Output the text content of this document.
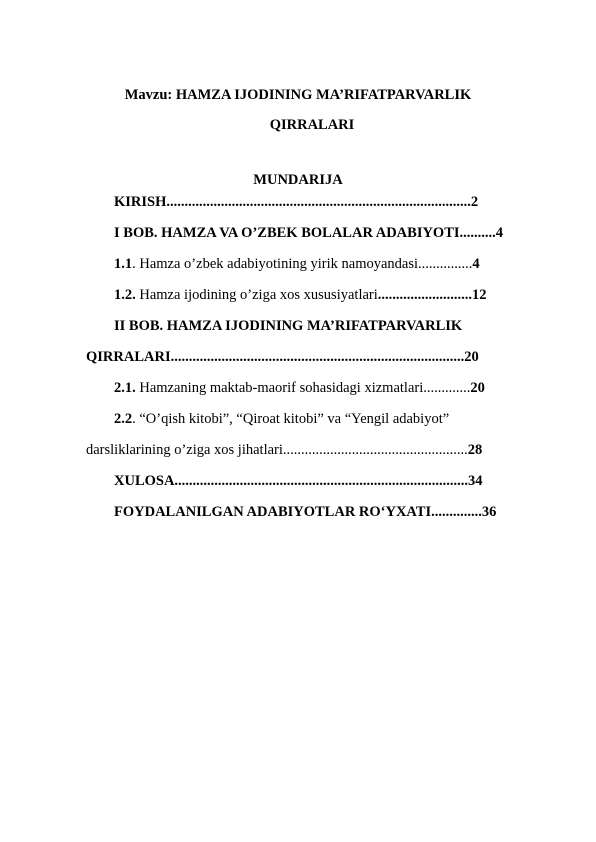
Mavzu: HAMZA IJODINING MA’RIFATPARVARLIK
QIRRALARI
MUNDARIJA
KIRISH....................................................................................2
I BOB. HAMZA VA O’ZBEK BOLALAR ADABIYOTI..........4
1.1. Hamza o’zbek adabiyotining yirik namoyandasi...............4
1.2. Hamza ijodining o’ziga xos xususiyatlari..........................12
II BOB. HAMZA IJODINING MA’RIFATPARVARLIK
QIRRALARI.................................................................................20
2.1. Hamzaning maktab-maorif sohasidagi xizmatlari.............20
2.2. “O’qish kitobi”, “Qiroat kitobi” va “Yengil adabiyot”
darsliklarining o’ziga xos jihatlari...................................................28
XULOSA.................................................................................34
FOYDALANILGAN ADABIYOTLAR RO‘YXATI..............36
